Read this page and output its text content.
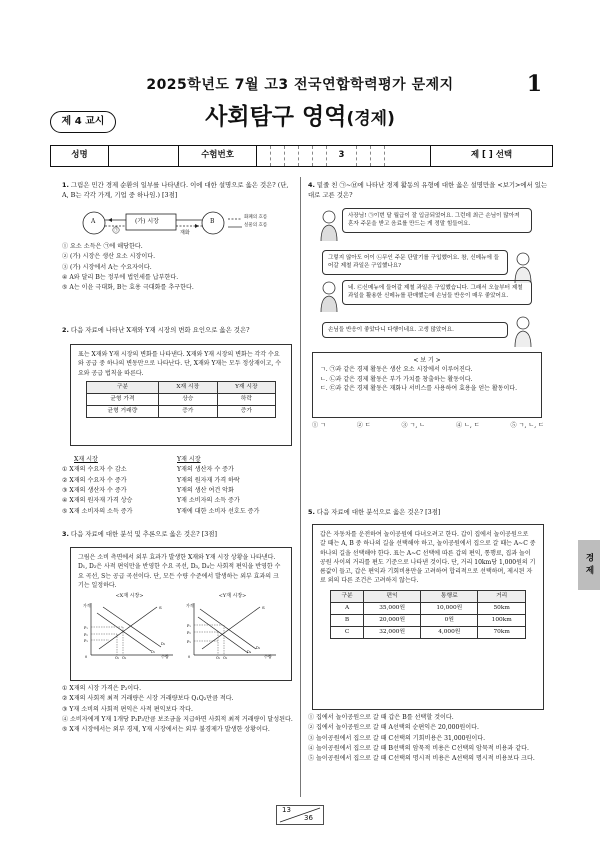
2025학년도 7월 고3 전국연합학력평가 문제지	1
제 4 교시	사회탐구 영역(경제)
성명	수험번호	3	제 [ ] 선택
1. 그림은 민간 경제 순환의 일부를 나타낸다. 이에 대한 설명으로 옳은 것은? (단, A, B는 각각 가계, 기업 중 하나임.) [3점]
A	B
(가) 시장
㉠
재화
화폐의 흐름
실물의 흐름
① 요소 소득은 ㉠에 해당한다.
② (가) 시장은 생산 요소 시장이다.
③ (가) 시장에서 A는 수요자이다.
④ A와 달리 B는 정부에 법인세를 납부한다.
⑤ A는 이윤 극대화, B는 효용 극대화를 추구한다.
2. 다음 자료에 나타난 X재와 Y재 시장의 변화 요인으로 옳은 것은?
표는 X재와 Y재 시장의 변화를 나타낸다. X재와 Y재 시장의 변화는 각각 수요와 공급 중 하나의 변동만으로 나타난다. 단, X재와 Y재는 모두 정상재이고, 수요와 공급 법칙을 따른다.
구분	X재 시장	Y재 시장
균형 가격	상승	하락
균형 거래량	증가	증가
X재 시장	Y재 시장
① X재의 수요자 수 감소	Y재의 생산자 수 증가
② X재의 수요자 수 증가	Y재의 원자재 가격 하락
③ X재의 생산자 수 증가	Y재의 생산 여건 악화
④ X재의 원자재 가격 상승	Y재 소비자의 소득 증가
⑤ X재 소비자의 소득 증가	Y재에 대한 소비자 선호도 증가
3. 다음 자료에 대한 분석 및 추론으로 옳은 것은? [3점]
그림은 소비 측면에서 외부 효과가 발생한 X재와 Y재 시장 상황을 나타낸다. D₁, D₂은 사적 편익만을 반영한 수요 곡선, D₃, D₄는 사회적 편익을 반영한 수요 곡선, S는 공급 곡선이다. 단, 모든 수량 수준에서 발생하는 외부 효과의 크기는 일정하다.
<X재 시장>
가격
수량
S
P₁
P₂
P₃
Q₁ Q₂
0
D₁
D₃
<Y재 시장>
가격
수량
S
P₁
P₂
P₃
Q₁ Q₂
0
D₂
D₄
① X재의 시장 가격은 P₂이다.
② X재의 사회적 최적 거래량은 시장 거래량보다 Q₁Q₂만큼 적다.
③ Y재 소비의 사회적 편익은 사적 편익보다 작다.
④ 소비자에게 Y재 1개당 P₂P₃만큼 보조금을 지급하면 사회적 최적 거래량이 달성된다.
⑤ X재 시장에서는 외부 경제, Y재 시장에서는 외부 불경제가 발생한 상황이다.
4. 밑줄 친 ㉠~㉥에 나타난 경제 활동의 유형에 대한 옳은 설명만을 <보기>에서 있는 대로 고른 것은?
사장님! ㉠이번 달 월급이 잘 입금되었어요. 그런데 최근 손님이 많아져 혼자 주문을 받고 음료를 만드는 게 정말 힘들어요.
그렇지 않아도 어이 ㉡무인 주문 단말기를 구입했어요. 참, 신메뉴에 들어갈 제철 과일은 구입했나요?
네. ㉢신메뉴에 들어갈 제철 과일은 구입했습니다. 그래서 오늘부터 제철 과일을 활용한 신메뉴를 판매했는데 손님들 반응이 매우 좋았어요.
손님들 반응이 좋았다니 다행이네요. 고생 많았어요.
< 보 기 >
ㄱ. ㉠과 같은 경제 활동은 생산 요소 시장에서 이루어진다.
ㄴ. ㉡과 같은 경제 활동은 부가 가치를 창출하는 활동이다.
ㄷ. ㉢과 같은 경제 활동은 재화나 서비스를 사용하여 효용을 얻는 활동이다.
① ㄱ	② ㄷ	③ ㄱ, ㄴ	④ ㄴ, ㄷ	⑤ ㄱ, ㄴ, ㄷ
5. 다음 자료에 대한 분석으로 옳은 것은? [3점]
갑은 자동차를 운전하여 놀이공원에 다녀오려고 한다. 갑이 집에서 놀이공원으로 갈 때는 A, B 중 하나의 길을 선택해야 하고, 놀이공원에서 집으로 갈 때는 A~C 중 하나의 길을 선택해야 한다. 표는 A~C 선택에 따른 갑의 편익, 통행료, 집과 놀이공원 사이의 거리를 편도 기준으로 나타낸 것이다. 단, 거리 10km당 1,000원의 기름값이 들고, 갑은 편익과 기회비용만을 고려하여 합리적으로 선택하며, 제시된 자료 외의 다른 조건은 고려하지 않는다.
구분	편익	통행료	거리
A	35,000원	10,000원	50km
B	20,000원	0원	100km
C	32,000원	4,000원	70km
① 집에서 놀이공원으로 갈 때 갑은 B를 선택할 것이다.
② 집에서 놀이공원으로 갈 때 A선택의 순편익은 20,000원이다.
③ 놀이공원에서 집으로 갈 때 C선택의 기회비용은 31,000원이다.
④ 놀이공원에서 집으로 갈 때 B선택의 암묵적 비용은 C선택의 암묵적 비용과 같다.
⑤ 놀이공원에서 집으로 갈 때 C선택의 명시적 비용은 A선택의 명시적 비용보다 크다.
경제
13
36
